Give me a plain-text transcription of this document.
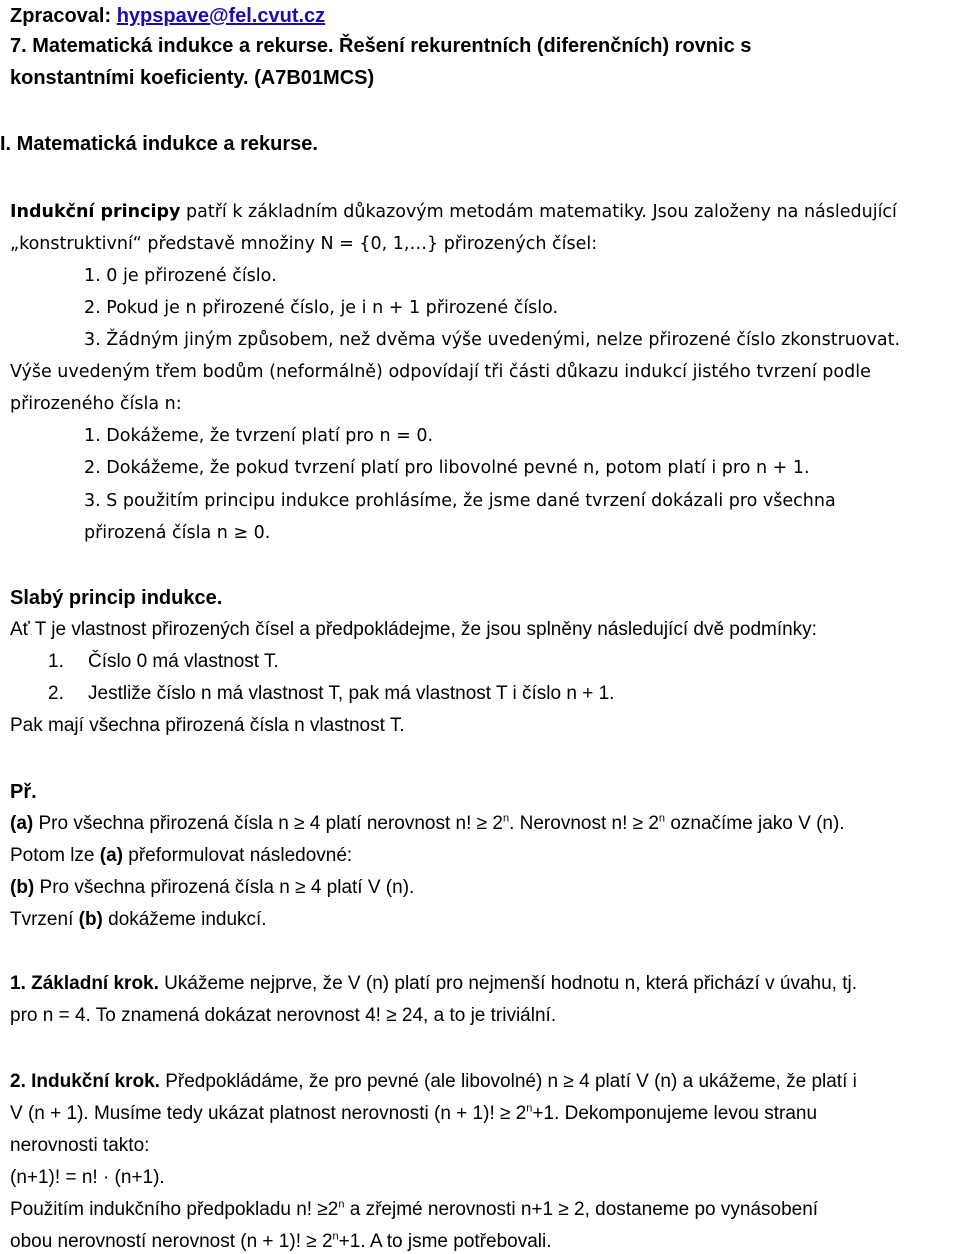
Zpracoval: hypspave@fel.cvut.cz
7. Matematická indukce a rekurse. Řešení rekurentních (diferenčních) rovnic s
konstantními koeficienty. (A7B01MCS)
I. Matematická indukce a rekurse.
Indukční principy patří k základním důkazovým metodám matematiky. Jsou založeny na následující
„konstruktivní“ představě množiny N = {0, 1,…} přirozených čísel:
1. 0 je přirozené číslo.
2. Pokud je n přirozené číslo, je i n + 1 přirozené číslo.
3. Žádným jiným způsobem, než dvěma výše uvedenými, nelze přirozené číslo zkonstruovat.
Výše uvedeným třem bodům (neformálně) odpovídají tři části důkazu indukcí jistého tvrzení podle
přirozeného čísla n:
1. Dokážeme, že tvrzení platí pro n = 0.
2. Dokážeme, že pokud tvrzení platí pro libovolné pevné n, potom platí i pro n + 1.
3. S použitím principu indukce prohlásíme, že jsme dané tvrzení dokázali pro všechna
přirozená čísla n ≥ 0.
Slabý princip indukce.
Ať T je vlastnost přirozených čísel a předpokládejme, že jsou splněny následující dvě podmínky:
1. Číslo 0 má vlastnost T.
2. Jestliže číslo n má vlastnost T, pak má vlastnost T i číslo n + 1.
Pak mají všechna přirozená čísla n vlastnost T.
Př.
(a) Pro všechna přirozená čísla n ≥ 4 platí nerovnost n! ≥ $2^n$. Nerovnost n! ≥ $2^n$ označíme jako V (n).
Potom lze (a) přeformulovat následovné:
(b) Pro všechna přirozená čísla n ≥ 4 platí V (n).
Tvrzení (b) dokážeme indukcí.
1. Základní krok. Ukážeme nejprve, že V (n) platí pro nejmenší hodnotu n, která přichází v úvahu, tj.
pro n = 4. To znamená dokázat nerovnost 4! ≥ 24, a to je triviální.
2. Indukční krok. Předpokládáme, že pro pevné (ale libovolné) n ≥ 4 platí V (n) a ukážeme, že platí i
V (n + 1). Musíme tedy ukázat platnost nerovnosti (n + 1)! ≥ $2^n+1$. Dekomponujeme levou stranu
nerovnosti takto:
(n+1)! = n! · (n+1).
Použitím indukčního předpokladu n! $\ge 2^n$ a zřejmé nerovnosti n+1 ≥ 2, dostaneme po vynásobení
obou nerovností nerovnost (n + 1)! ≥ $2^n+1$. A to jsme potřebovali.
